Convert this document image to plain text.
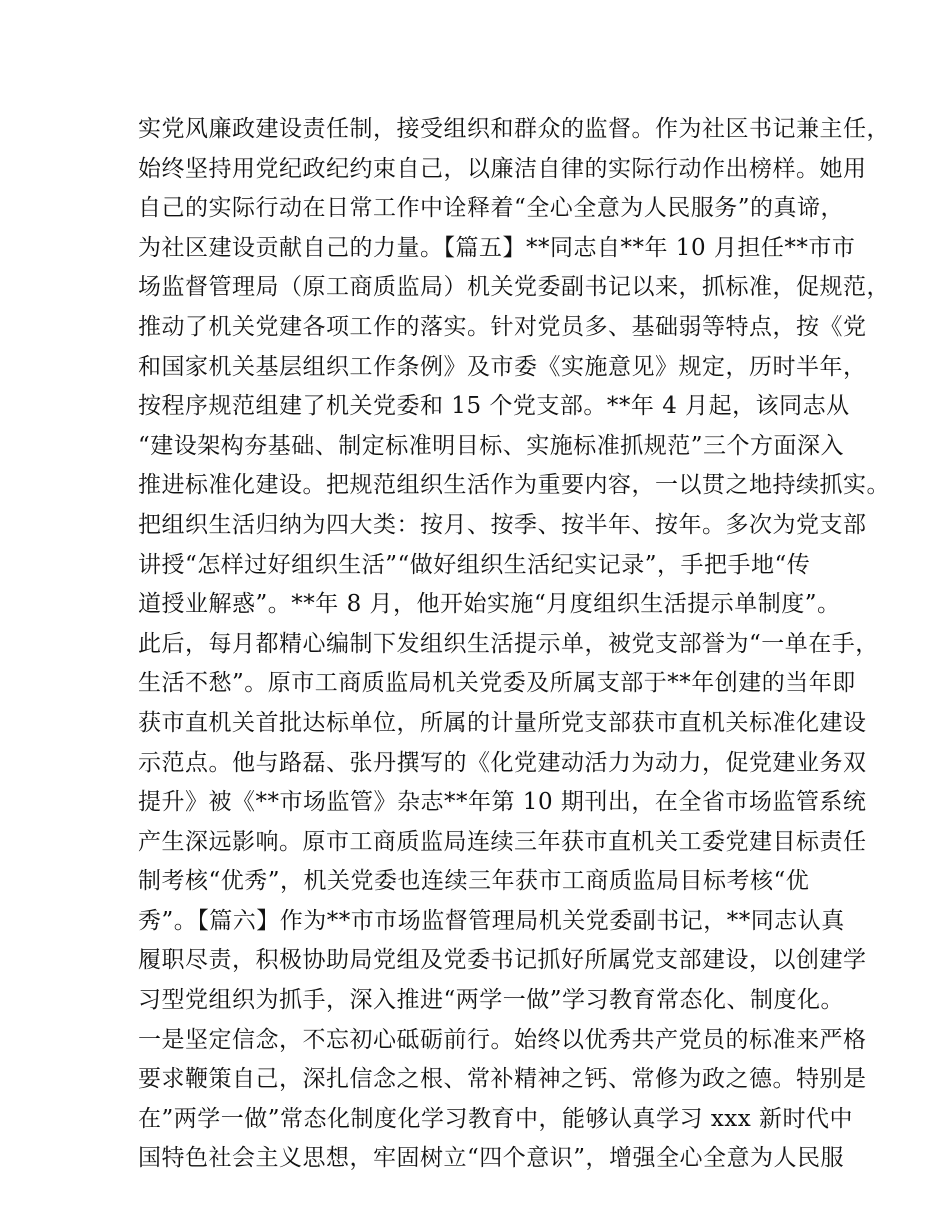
实党风廉政建设责任制，接受组织和群众的监督。作为社区书记兼主任，
始终坚持用党纪政纪约束自己，以廉洁自律的实际行动作出榜样。她用
自己的实际行动在日常工作中诠释着“全心全意为人民服务”的真谛，
为社区建设贡献自己的力量。【篇五】**同志自**年 10 月担任**市市
场监督管理局（原工商质监局）机关党委副书记以来，抓标准，促规范，
推动了机关党建各项工作的落实。针对党员多、基础弱等特点，按《党
和国家机关基层组织工作条例》及市委《实施意见》规定，历时半年，
按程序规范组建了机关党委和 15 个党支部。**年 4 月起，该同志从
“建设架构夯基础、制定标准明目标、实施标准抓规范”三个方面深入
推进标准化建设。把规范组织生活作为重要内容，一以贯之地持续抓实。
把组织生活归纳为四大类：按月、按季、按半年、按年。多次为党支部
讲授“怎样过好组织生活”“做好组织生活纪实记录”，手把手地“传
道授业解惑”。**年 8 月，他开始实施“月度组织生活提示单制度”。
此后，每月都精心编制下发组织生活提示单，被党支部誉为“一单在手，
生活不愁”。原市工商质监局机关党委及所属支部于**年创建的当年即
获市直机关首批达标单位，所属的计量所党支部获市直机关标准化建设
示范点。他与路磊、张丹撰写的《化党建动活力为动力，促党建业务双
提升》被《**市场监管》杂志**年第 10 期刊出，在全省市场监管系统
产生深远影响。原市工商质监局连续三年获市直机关工委党建目标责任
制考核“优秀”，机关党委也连续三年获市工商质监局目标考核“优
秀”。【篇六】作为**市市场监督管理局机关党委副书记，**同志认真
履职尽责，积极协助局党组及党委书记抓好所属党支部建设，以创建学
习型党组织为抓手，深入推进“两学一做”学习教育常态化、制度化。
一是坚定信念，不忘初心砥砺前行。始终以优秀共产党员的标准来严格
要求鞭策自己，深扎信念之根、常补精神之钙、常修为政之德。特别是
在”两学一做”常态化制度化学习教育中，能够认真学习 xxx 新时代中
国特色社会主义思想，牢固树立“四个意识”，增强全心全意为人民服
